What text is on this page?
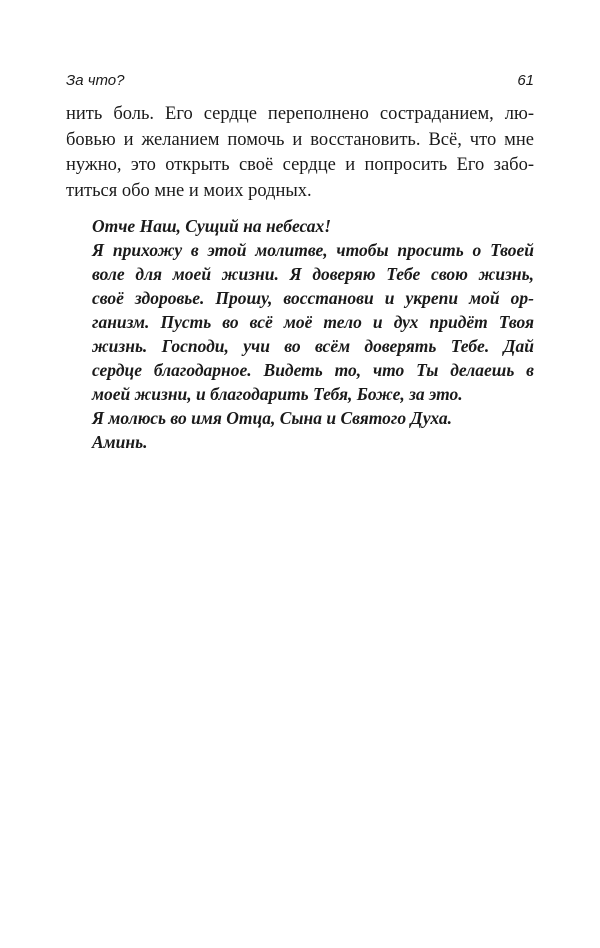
За что?	61
нить боль. Его сердце переполнено состраданием, лю-
бовью и желанием помочь и восстановить. Всё, что мне
нужно, это открыть своё сердце и попросить Его забо-
титься обо мне и моих родных.
Отче Наш, Сущий на небесах!
Я прихожу в этой молитве, чтобы просить о Твоей
воле для моей жизни. Я доверяю Тебе свою жизнь,
своё здоровье. Прошу, восстанови и укрепи мой ор-
ганизм. Пусть во всё моё тело и дух придёт Твоя
жизнь. Господи, учи во всём доверять Тебе. Дай
сердце благодарное. Видеть то, что Ты делаешь в
моей жизни, и благодарить Тебя, Боже, за это.
Я молюсь во имя Отца, Сына и Святого Духа.
Аминь.
